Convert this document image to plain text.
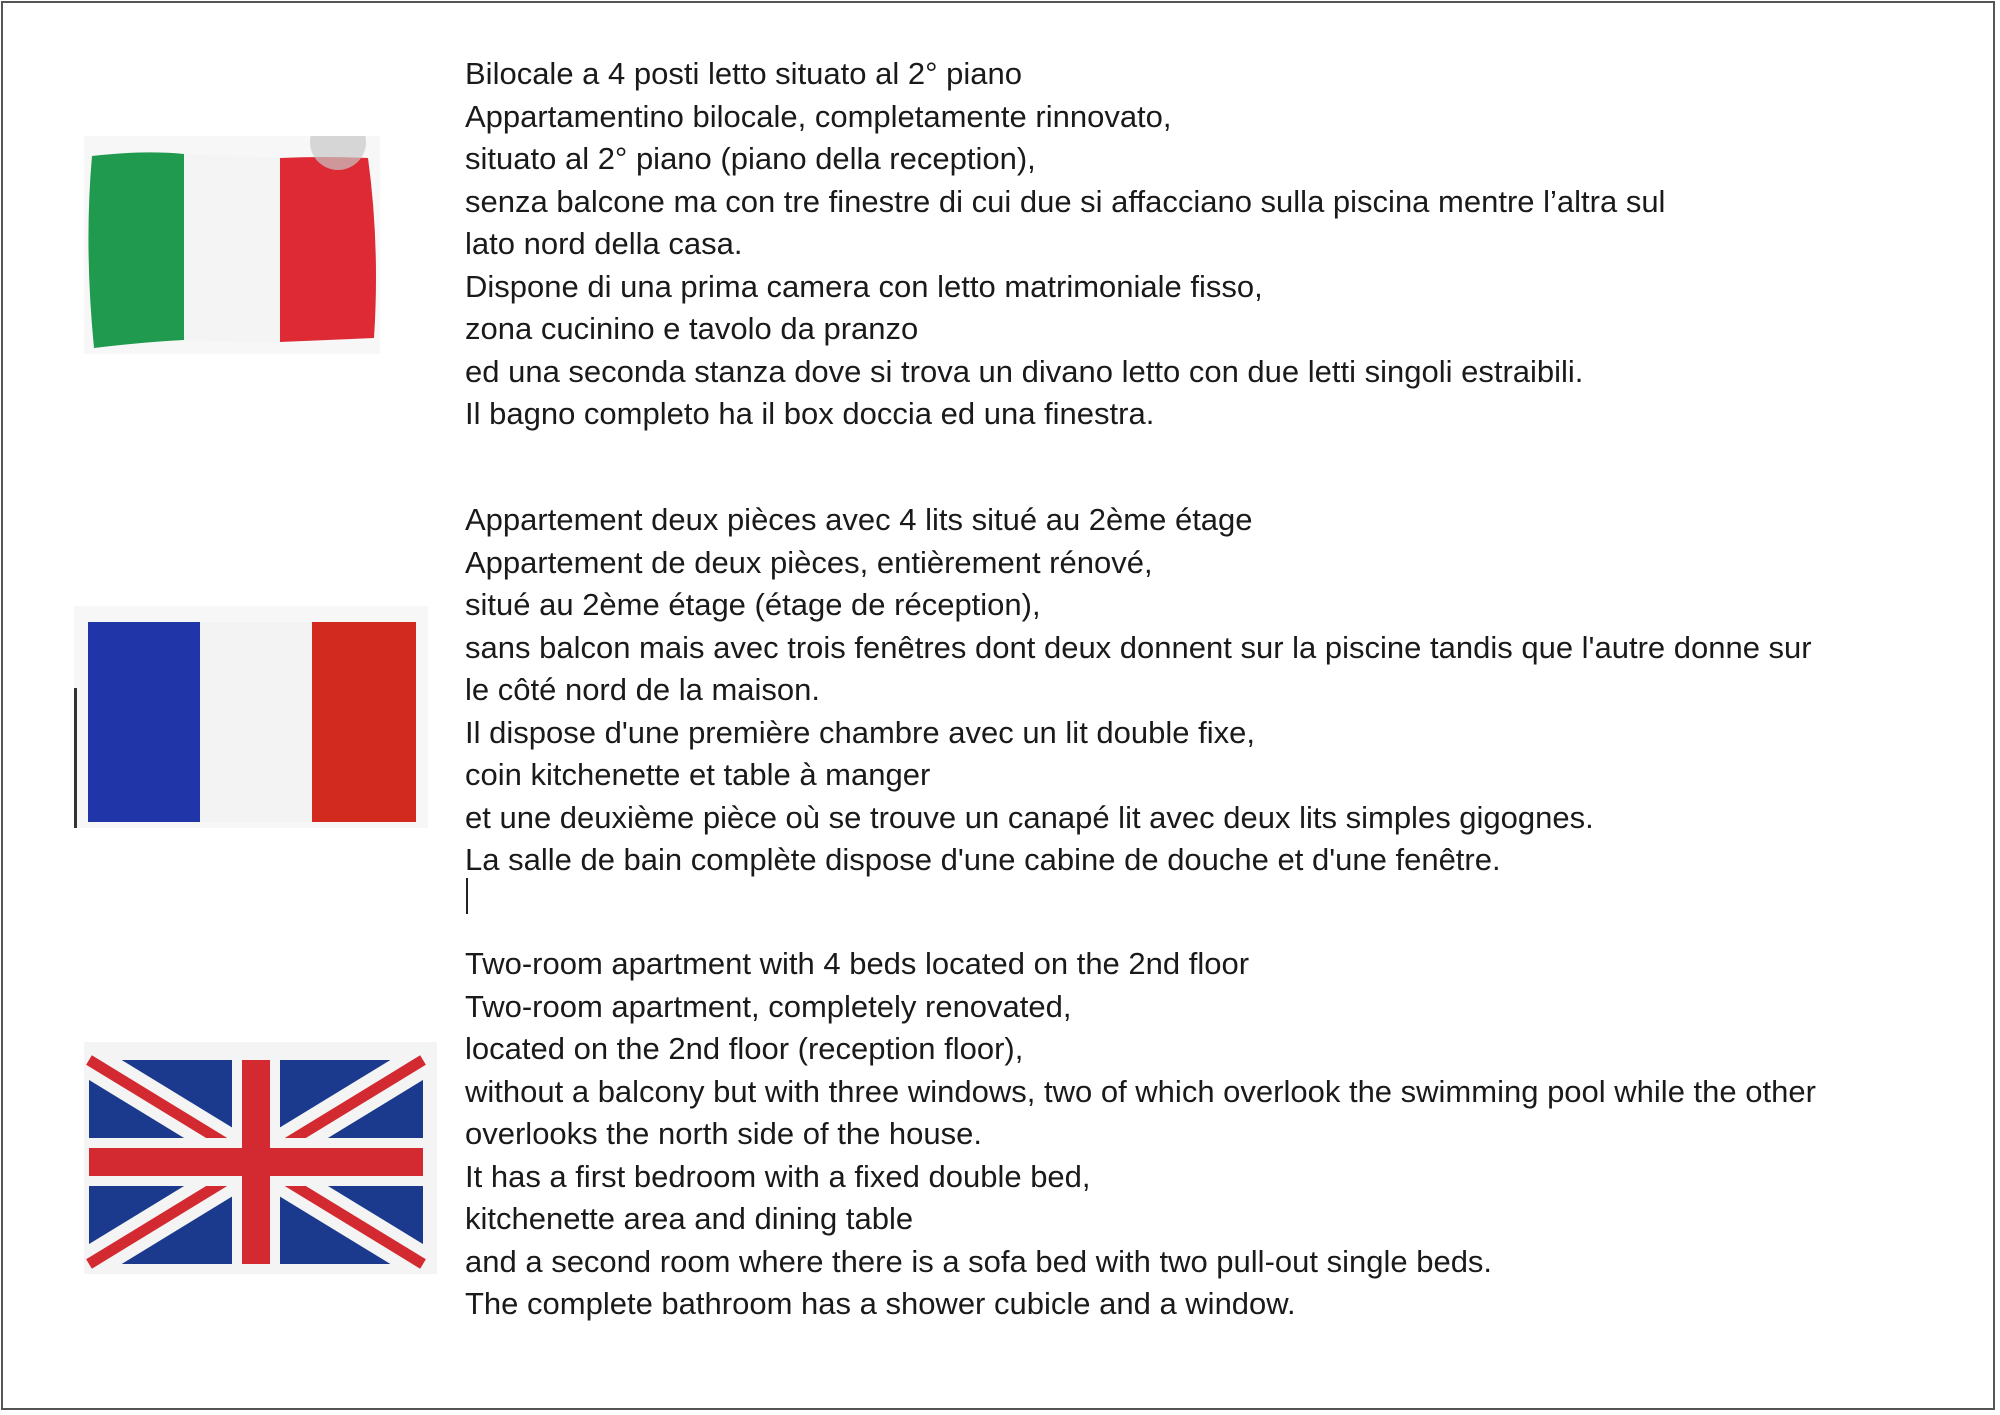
Bilocale a 4 posti letto situato al 2° piano
Appartamentino bilocale, completamente rinnovato,
situato al 2° piano (piano della reception),
senza balcone ma con tre finestre di cui due si affacciano sulla piscina mentre l’altra sul
lato nord della casa.
Dispone di una prima camera con letto matrimoniale fisso,
zona cucinino e tavolo da pranzo
ed una seconda stanza dove si trova un divano letto con due letti singoli estraibili.
Il bagno completo ha il box doccia ed una finestra.
Appartement deux pièces avec 4 lits situé au 2ème étage
Appartement de deux pièces, entièrement rénové,
situé au 2ème étage (étage de réception),
sans balcon mais avec trois fenêtres dont deux donnent sur la piscine tandis que l'autre donne sur
le côté nord de la maison.
Il dispose d'une première chambre avec un lit double fixe,
coin kitchenette et table à manger
et une deuxième pièce où se trouve un canapé lit avec deux lits simples gigognes.
La salle de bain complète dispose d'une cabine de douche et d'une fenêtre.
Two-room apartment with 4 beds located on the 2nd floor
Two-room apartment, completely renovated,
located on the 2nd floor (reception floor),
without a balcony but with three windows, two of which overlook the swimming pool while the other
overlooks the north side of the house.
It has a first bedroom with a fixed double bed,
kitchenette area and dining table
and a second room where there is a sofa bed with two pull-out single beds.
The complete bathroom has a shower cubicle and a window.
